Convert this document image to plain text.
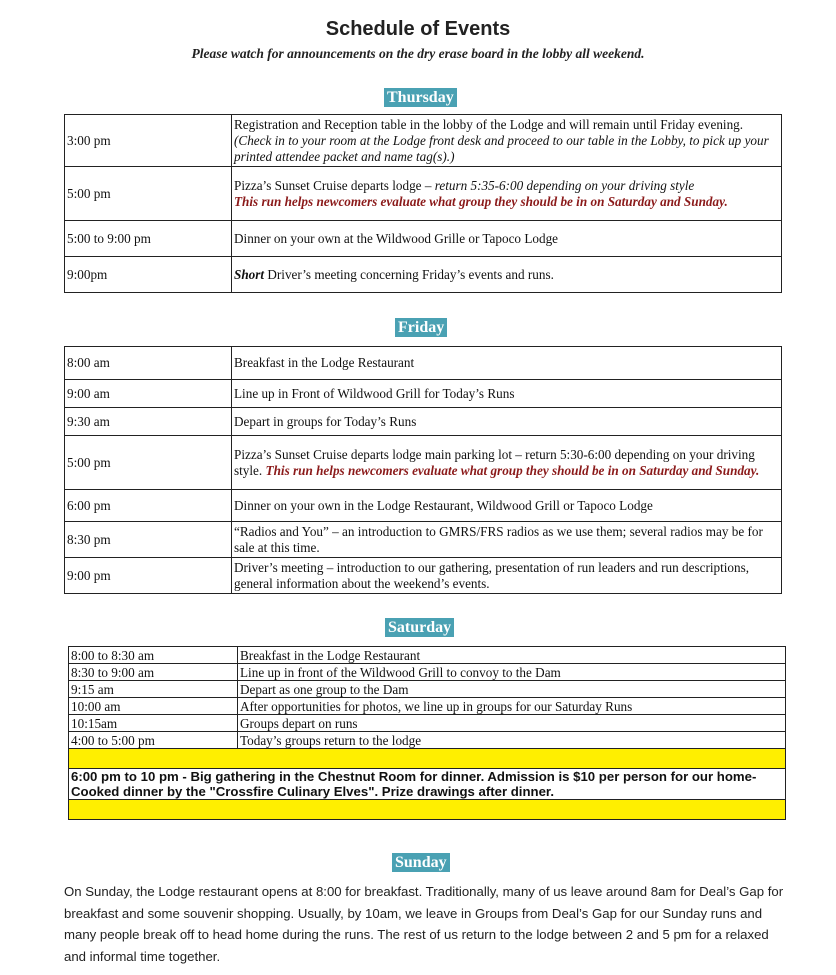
Schedule of Events
Please watch for announcements on the dry erase board in the lobby all weekend.
Thursday
3:00 pm	Registration and Reception table in the lobby of the Lodge and will remain until Friday evening. (Check in to your room at the Lodge front desk and proceed to our table in the Lobby, to pick up your printed attendee packet and name tag(s).)
5:00 pm	Pizza’s Sunset Cruise departs lodge – return 5:35-6:00 depending on your driving style
This run helps newcomers evaluate what group they should be in on Saturday and Sunday.
5:00 to 9:00 pm	Dinner on your own at the Wildwood Grille or Tapoco Lodge
9:00pm	Short Driver’s meeting concerning Friday’s events and runs.
Friday
8:00 am	Breakfast in the Lodge Restaurant
9:00 am	Line up in Front of Wildwood Grill for Today’s Runs
9:30 am	Depart in groups for Today’s Runs
5:00 pm	Pizza’s Sunset Cruise departs lodge main parking lot – return 5:30-6:00 depending on your driving style. This run helps newcomers evaluate what group they should be in on Saturday and Sunday.
6:00 pm	Dinner on your own in the Lodge Restaurant, Wildwood Grill or Tapoco Lodge
8:30 pm	“Radios and You” – an introduction to GMRS/FRS radios as we use them; several radios may be for sale at this time.
9:00 pm	Driver’s meeting – introduction to our gathering, presentation of run leaders and run descriptions, general information about the weekend’s events.
Saturday
8:00 to 8:30 am	Breakfast in the Lodge Restaurant
8:30 to 9:00 am	Line up in front of the Wildwood Grill to convoy to the Dam
9:15 am	Depart as one group to the Dam
10:00 am	After opportunities for photos, we line up in groups for our Saturday Runs
10:15am	Groups depart on runs
4:00 to 5:00 pm	Today’s groups return to the lodge

6:00 pm to 10 pm - Big gathering in the Chestnut Room for dinner. Admission is $10 per person for our home-Cooked dinner by the "Crossfire Culinary Elves". Prize drawings after dinner.	

Sunday
On Sunday, the Lodge restaurant opens at 8:00 for breakfast. Traditionally, many of us leave around 8am for Deal’s Gap for breakfast and some souvenir shopping. Usually, by 10am, we leave in Groups from Deal’s Gap for our Sunday runs and many people break off to head home during the runs. The rest of us return to the lodge between 2 and 5 pm for a relaxed and informal time together.
